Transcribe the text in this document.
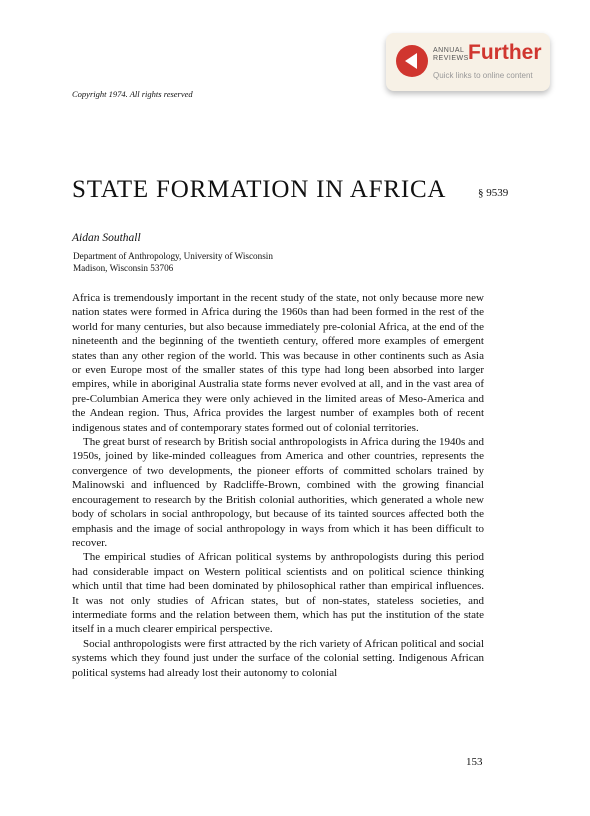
ANNUAL
REVIEWS Further
Quick links to online content
Copyright 1974. All rights reserved
STATE FORMATION IN AFRICA	§ 9539
Aidan Southall
Department of Anthropology, University of Wisconsin
Madison, Wisconsin 53706

Africa is tremendously important in the recent study of the state, not only because more new nation states were formed in Africa during the 1960s than had been formed in the rest of the world for many centuries, but also because immediately pre-colonial Africa, at the end of the nineteenth and the beginning of the twentieth century, offered more examples of emergent states than any other region of the world. This was because in other continents such as Asia or even Europe most of the smaller states of this type had long been absorbed into larger empires, while in aboriginal Australia state forms never evolved at all, and in the vast area of pre-Columbian America they were only achieved in the limited areas of Meso-America and the Andean region. Thus, Africa provides the largest number of examples both of recent indigenous states and of contemporary states formed out of colonial territories.

The great burst of research by British social anthropologists in Africa during the 1940s and 1950s, joined by like-minded colleagues from America and other countries, represents the convergence of two developments, the pioneer efforts of committed scholars trained by Malinowski and influenced by Radcliffe-Brown, combined with the growing financial encouragement to research by the British colonial authorities, which generated a whole new body of scholars in social anthropology, but because of its tainted sources affected both the emphasis and the image of social anthropology in ways from which it has been difficult to recover.

The empirical studies of African political systems by anthropologists during this period had considerable impact on Western political scientists and on political science thinking which until that time had been dominated by philosophical rather than empirical influences. It was not only studies of African states, but of non-states, stateless societies, and intermediate forms and the relation between them, which has put the institution of the state itself in a much clearer empirical perspective.

Social anthropologists were first attracted by the rich variety of African political and social systems which they found just under the surface of the colonial setting. Indigenous African political systems had already lost their autonomy to colonial

153
